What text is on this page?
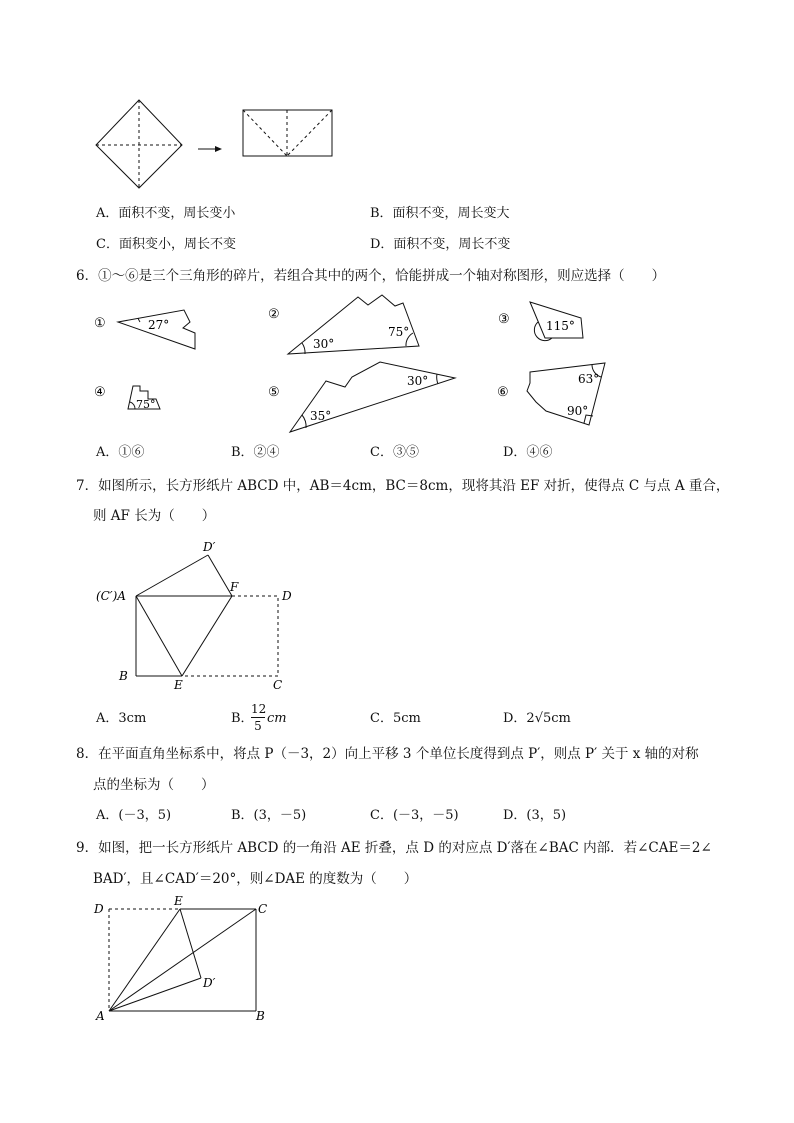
A．面积不变，周长变小	B．面积不变，周长变大
C．面积变小，周长不变	D．面积不变，周长不变
6．①～⑥是三个三角形的碎片，若组合其中的两个，恰能拼成一个轴对称图形，则应选择（　　）
①	27°
②
30°
75°
③	115°
④
75°
⑤
30°
35°
⑥
63°
90°
A．①⑥	B．②④	C．③⑤	D．④⑥
7．如图所示，长方形纸片 ABCD 中，AB＝4cm，BC＝8cm，现将其沿 EF 对折，使得点 C 与点 A 重合，
则 AF 长为（　　）
D′
(C′)A
F
D
B
E	C
A．3cm	B．
12
5 cm	C．5cm	D．2√5cm
8．在平面直角坐标系中，将点 P（－3，2）向上平移 3 个单位长度得到点 P′，则点 P′ 关于 x 轴的对称
点的坐标为（　　）
A．(－3，5)	B．(3，－5)	C．(－3，－5)	D．(3，5)
9．如图，把一长方形纸片 ABCD 的一角沿 AE 折叠，点 D 的对应点 D′落在∠BAC 内部．若∠CAE＝2∠
BAD′，且∠CAD′＝20°，则∠DAE 的度数为（　　）
D
E
C
D′
A	B
